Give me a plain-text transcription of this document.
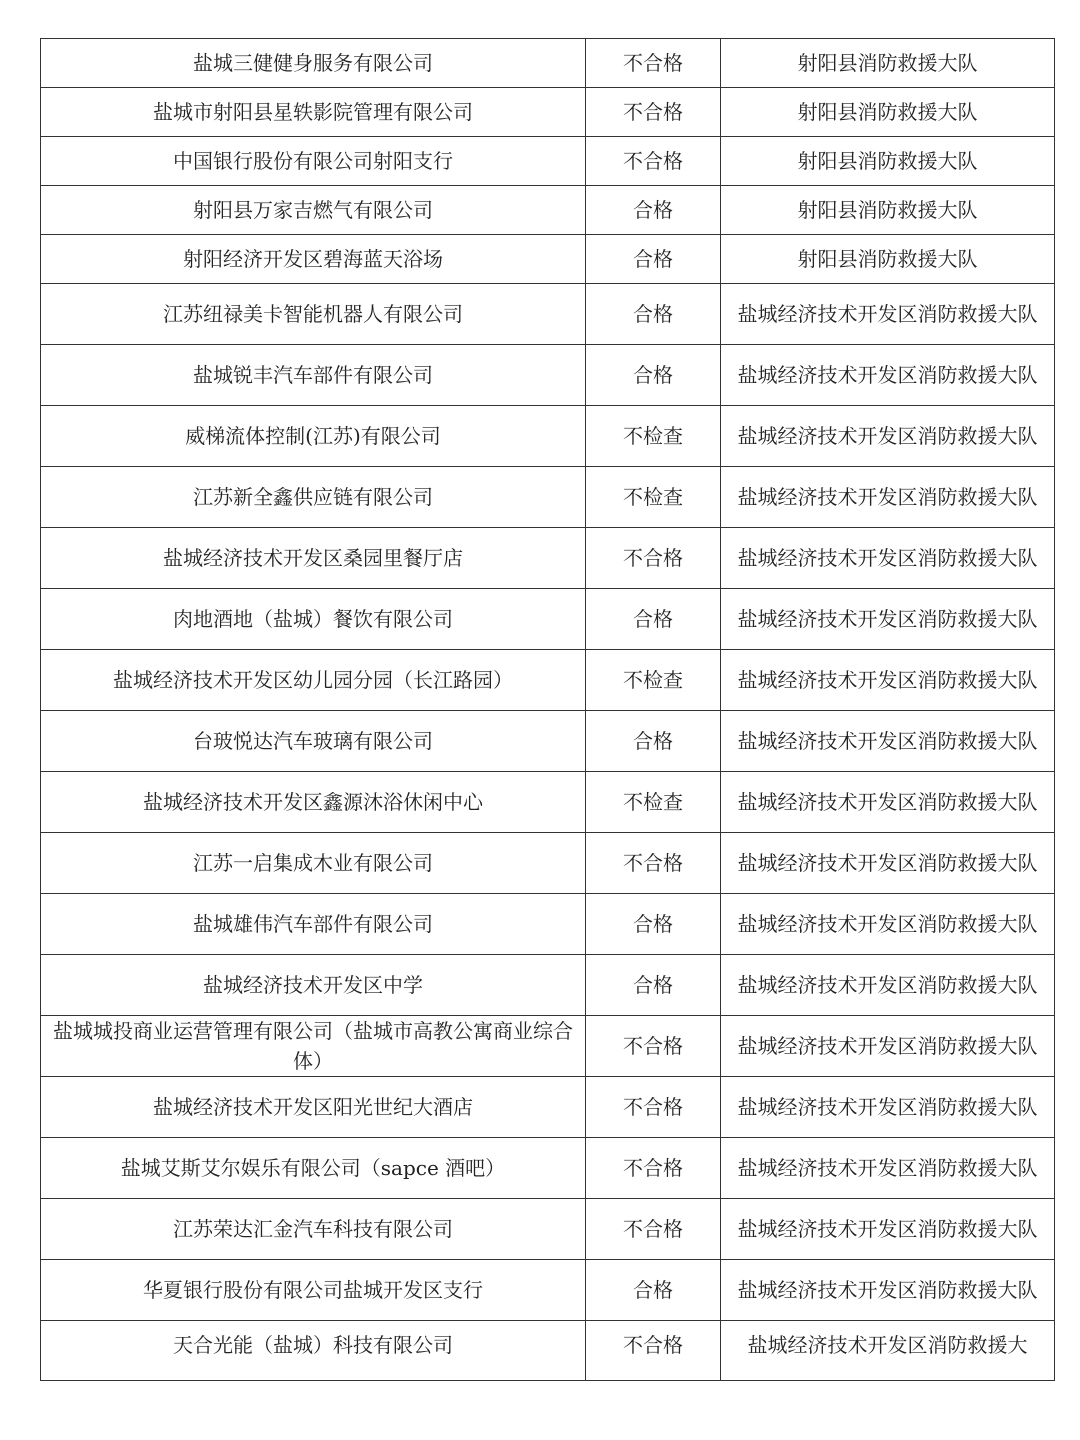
盐城三健健身服务有限公司	不合格	射阳县消防救援大队
盐城市射阳县星轶影院管理有限公司	不合格	射阳县消防救援大队
中国银行股份有限公司射阳支行	不合格	射阳县消防救援大队
射阳县万家吉燃气有限公司	合格	射阳县消防救援大队
射阳经济开发区碧海蓝天浴场	合格	射阳县消防救援大队
江苏纽禄美卡智能机器人有限公司	合格	盐城经济技术开发区消防救援大队
盐城锐丰汽车部件有限公司	合格	盐城经济技术开发区消防救援大队
威梯流体控制(江苏)有限公司	不检查	盐城经济技术开发区消防救援大队
江苏新全鑫供应链有限公司	不检查	盐城经济技术开发区消防救援大队
盐城经济技术开发区桑园里餐厅店	不合格	盐城经济技术开发区消防救援大队
肉地酒地（盐城）餐饮有限公司	合格	盐城经济技术开发区消防救援大队
盐城经济技术开发区幼儿园分园（长江路园）	不检查	盐城经济技术开发区消防救援大队
台玻悦达汽车玻璃有限公司	合格	盐城经济技术开发区消防救援大队
盐城经济技术开发区鑫源沐浴休闲中心	不检查	盐城经济技术开发区消防救援大队
江苏一启集成木业有限公司	不合格	盐城经济技术开发区消防救援大队
盐城雄伟汽车部件有限公司	合格	盐城经济技术开发区消防救援大队
盐城经济技术开发区中学	合格	盐城经济技术开发区消防救援大队
盐城城投商业运营管理有限公司（盐城市高教公寓商业综合体）	不合格	盐城经济技术开发区消防救援大队
盐城经济技术开发区阳光世纪大酒店	不合格	盐城经济技术开发区消防救援大队
盐城艾斯艾尔娱乐有限公司（sapce 酒吧）	不合格	盐城经济技术开发区消防救援大队
江苏荣达汇金汽车科技有限公司	不合格	盐城经济技术开发区消防救援大队
华夏银行股份有限公司盐城开发区支行	合格	盐城经济技术开发区消防救援大队
天合光能（盐城）科技有限公司	不合格	盐城经济技术开发区消防救援大
